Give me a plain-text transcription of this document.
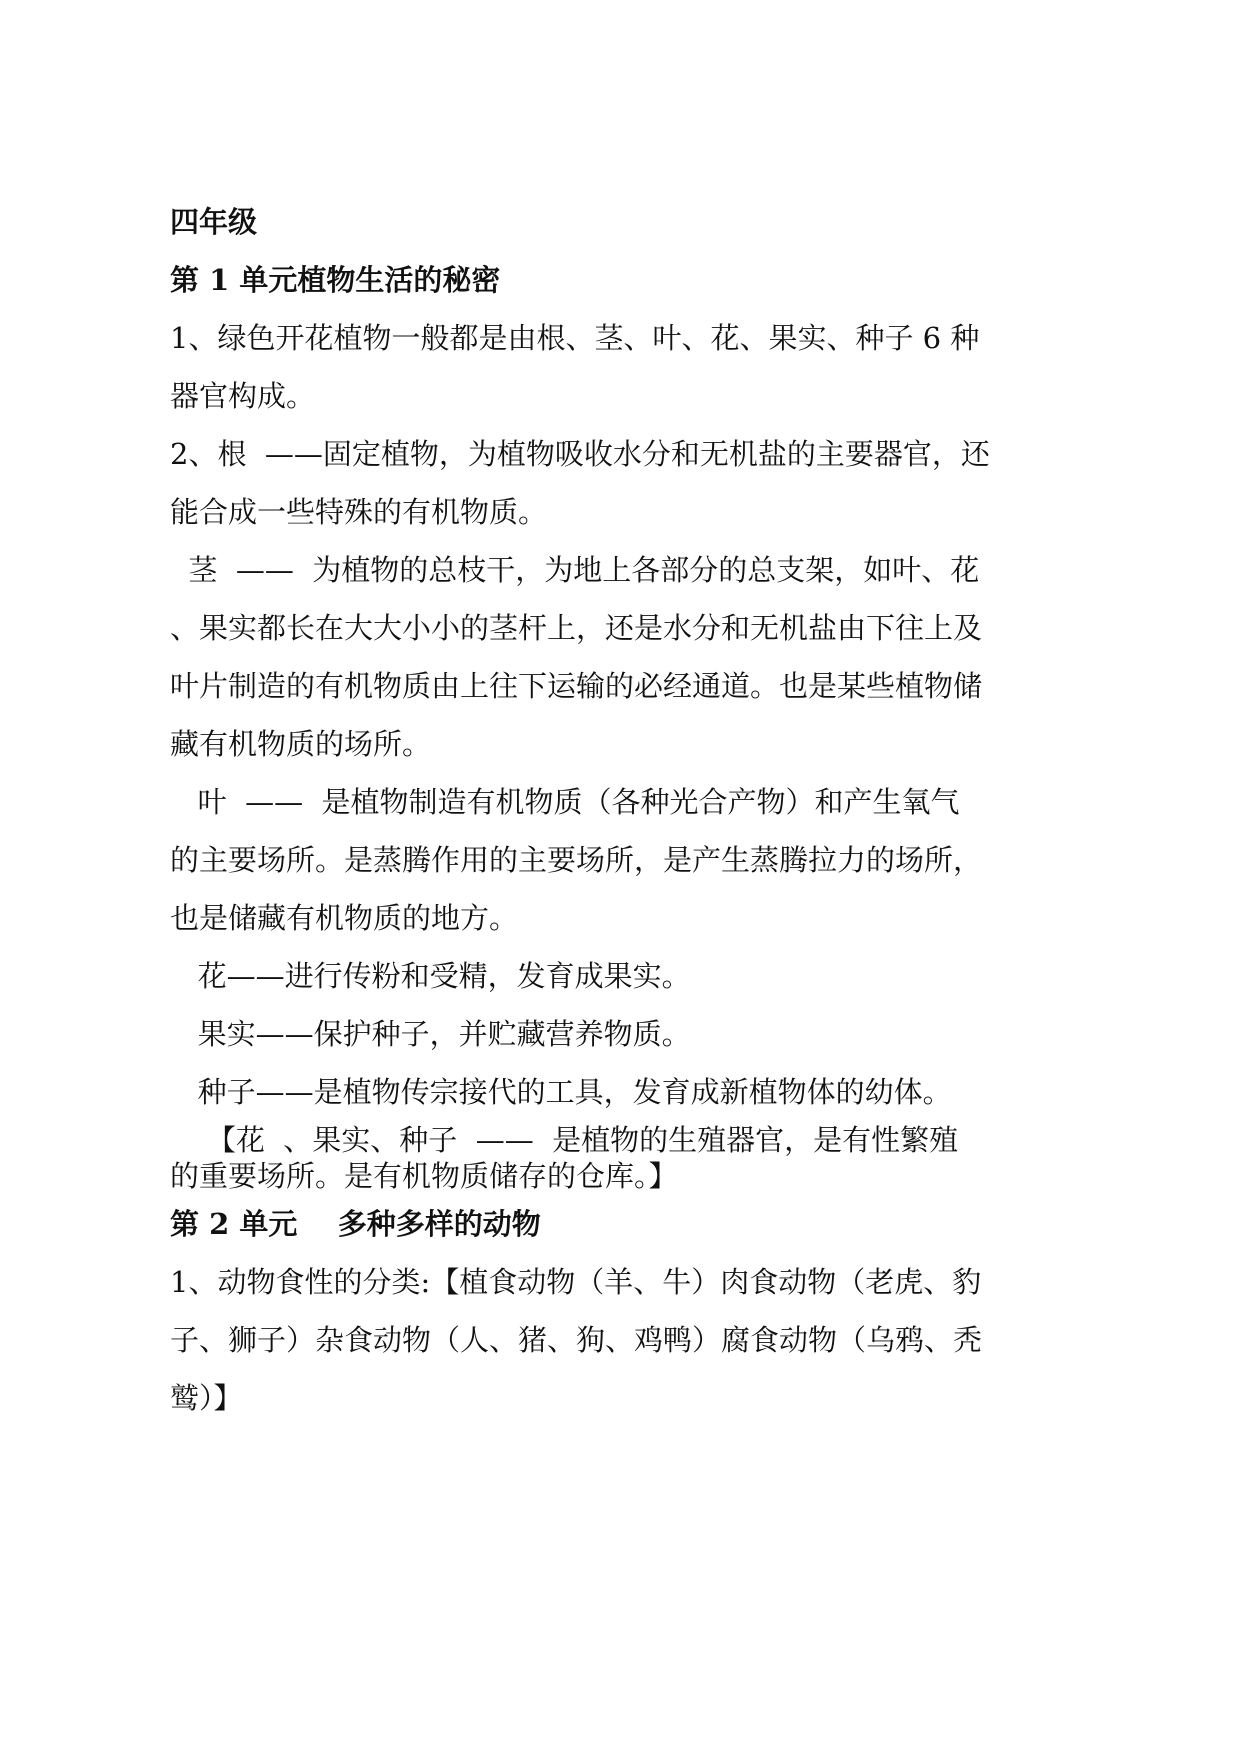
四年级
第 1 单元植物生活的秘密
1、绿色开花植物一般都是由根、茎、叶、花、果实、种子 6 种
器官构成。
2、根  ——固定植物，为植物吸收水分和无机盐的主要器官，还
能合成一些特殊的有机物质。
茎  ——  为植物的总枝干，为地上各部分的总支架，如叶、花
、果实都长在大大小小的茎杆上，还是水分和无机盐由下往上及
叶片制造的有机物质由上往下运输的必经通道。也是某些植物储
藏有机物质的场所。
叶  ——  是植物制造有机物质（各种光合产物）和产生氧气
的主要场所。是蒸腾作用的主要场所，是产生蒸腾拉力的场所，
也是储藏有机物质的地方。
花——进行传粉和受精，发育成果实。
果实——保护种子，并贮藏营养物质。
种子——是植物传宗接代的工具，发育成新植物体的幼体。
【花  、果实、种子  ——  是植物的生殖器官，是有性繁殖
的重要场所。是有机物质储存的仓库。】
第 2 单元    多种多样的动物
1、动物食性的分类:【植食动物（羊、牛）肉食动物（老虎、豹
子、狮子）杂食动物（人、猪、狗、鸡鸭）腐食动物（乌鸦、秃
鹫）】
